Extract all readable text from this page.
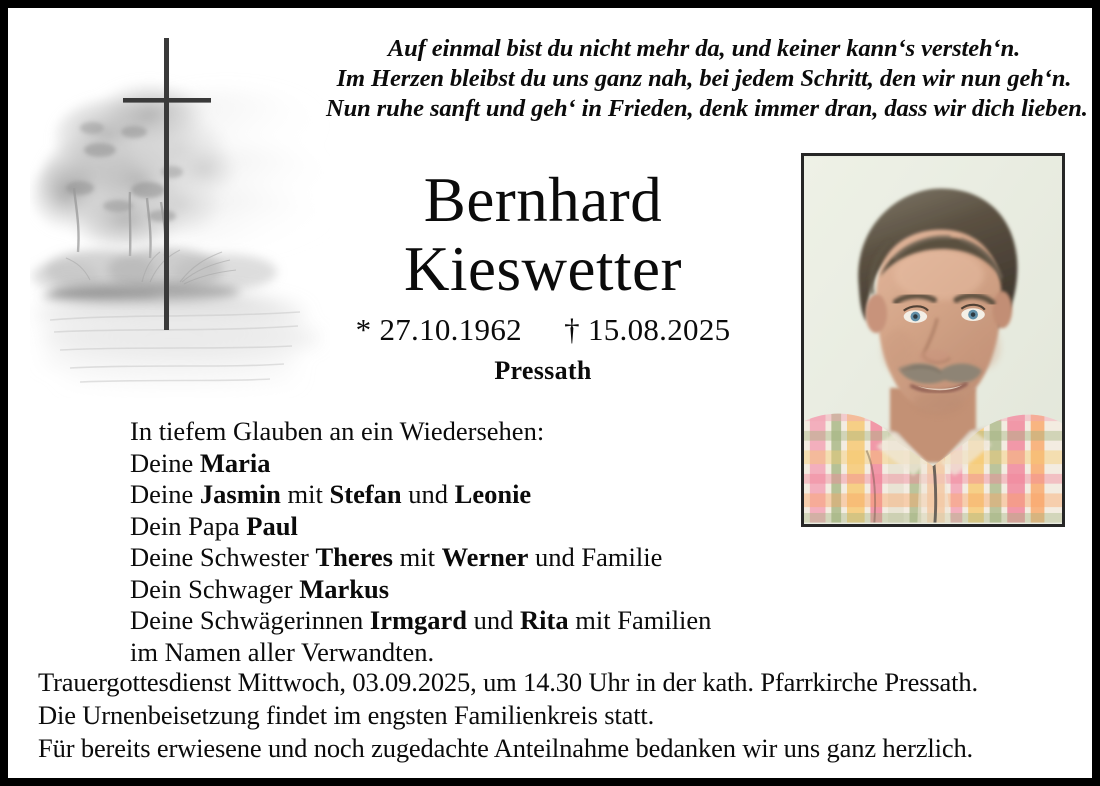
Auf einmal bist du nicht mehr da, und keiner kann‘s versteh‘n.
Im Herzen bleibst du uns ganz nah, bei jedem Schritt, den wir nun geh‘n.
Nun ruhe sanft und geh‘ in Frieden, denk immer dran, dass wir dich lieben.
Bernhard
Kieswetter
* 27.10.1962 † 15.08.2025
Pressath
In tiefem Glauben an ein Wiedersehen:
Deine Maria
Deine Jasmin mit Stefan und Leonie
Dein Papa Paul
Deine Schwester Theres mit Werner und Familie
Dein Schwager Markus
Deine Schwägerinnen Irmgard und Rita mit Familien
im Namen aller Verwandten.
Trauergottesdienst Mittwoch, 03.09.2025, um 14.30 Uhr in der kath. Pfarrkirche Pressath.
Die Urnenbeisetzung findet im engsten Familienkreis statt.
Für bereits erwiesene und noch zugedachte Anteilnahme bedanken wir uns ganz herzlich.
